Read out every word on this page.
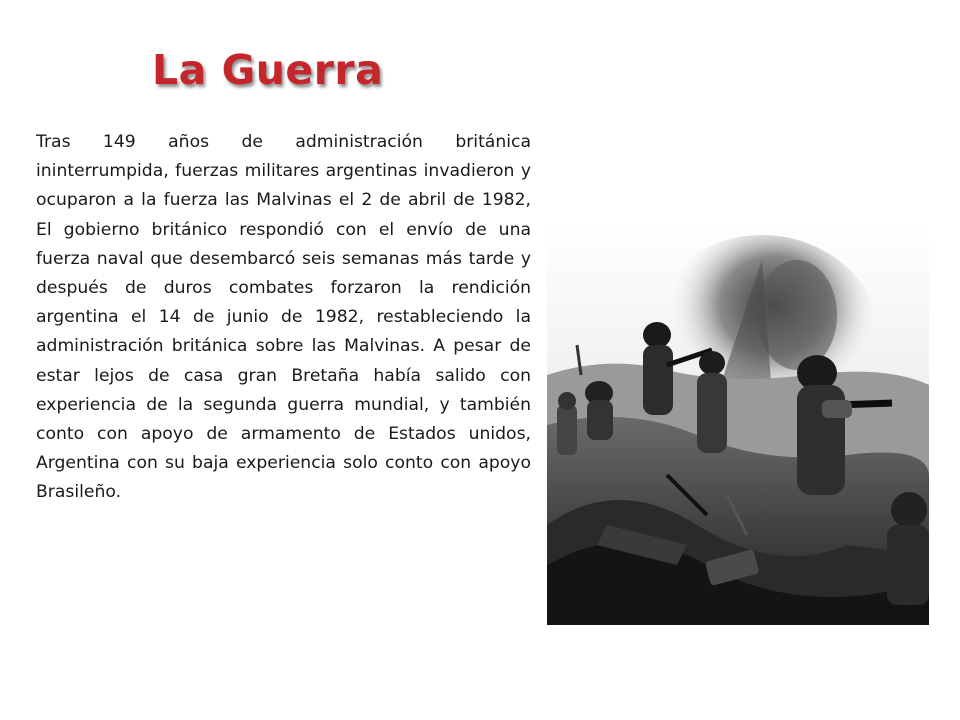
La Guerra

Tras 149 años de administración británica ininterrumpida, fuerzas militares argentinas invadieron y ocuparon a la fuerza las Malvinas el 2 de abril de 1982, El gobierno británico respondió con el envío de una fuerza naval que desembarcó seis semanas más tarde y después de duros combates forzaron la rendición argentina el 14 de junio de 1982, restableciendo la administración británica sobre las Malvinas. A pesar de estar lejos de casa gran Bretaña había salido con experiencia de la segunda guerra mundial, y también conto con apoyo de armamento de Estados unidos, Argentina con su baja experiencia solo conto con apoyo Brasileño.
